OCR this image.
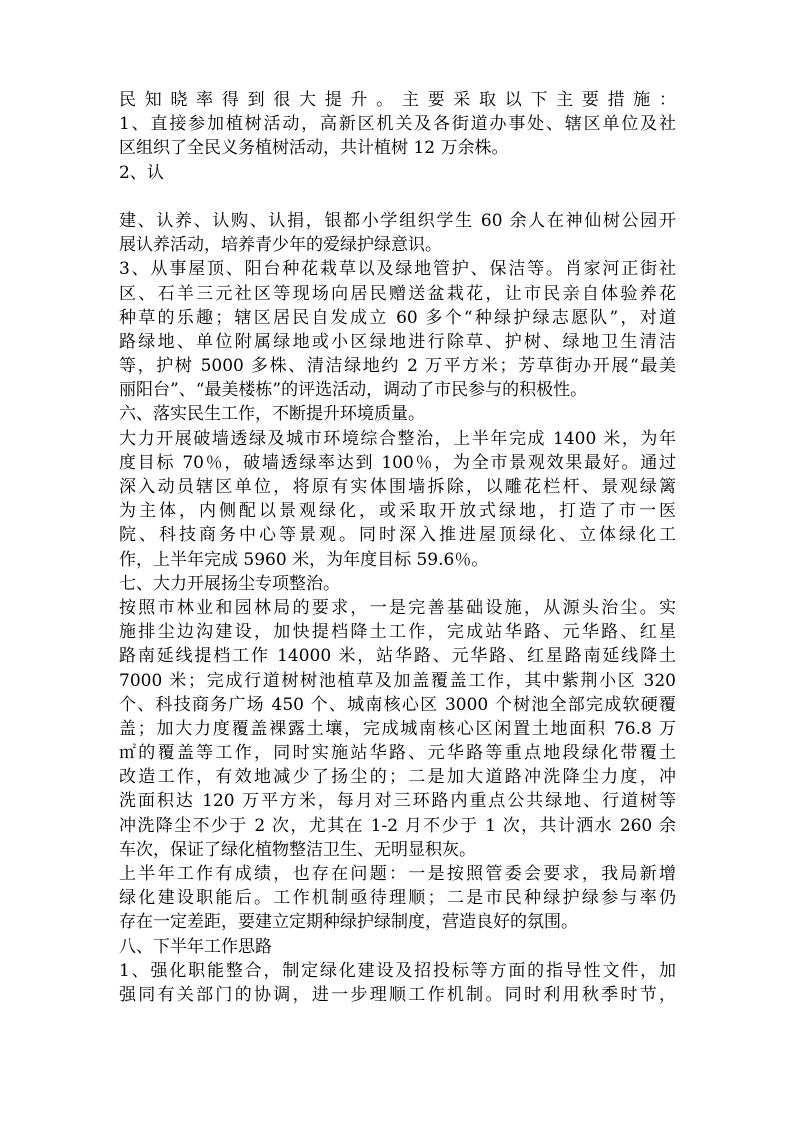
民知晓率得到很大提升。主要采取以下主要措施：
1、直接参加植树活动，高新区机关及各街道办事处、辖区单位及社
区组织了全民义务植树活动，共计植树 12 万余株。
2、认
建、认养、认购、认捐，银都小学组织学生 60 余人在神仙树公园开
展认养活动，培养青少年的爱绿护绿意识。
3、从事屋顶、阳台种花栽草以及绿地管护、保洁等。肖家河正街社
区、石羊三元社区等现场向居民赠送盆栽花，让市民亲自体验养花
种草的乐趣；辖区居民自发成立 60 多个“种绿护绿志愿队”，对道
路绿地、单位附属绿地或小区绿地进行除草、护树、绿地卫生清洁
等，护树 5000 多株、清洁绿地约 2 万平方米；芳草街办开展“最美
丽阳台”、“最美楼栋”的评选活动，调动了市民参与的积极性。
六、落实民生工作，不断提升环境质量。
大力开展破墙透绿及城市环境综合整治，上半年完成 1400 米，为年
度目标 70％，破墙透绿率达到 100％，为全市景观效果最好。通过
深入动员辖区单位，将原有实体围墙拆除，以雕花栏杆、景观绿篱
为主体，内侧配以景观绿化，或采取开放式绿地，打造了市一医
院、科技商务中心等景观。同时深入推进屋顶绿化、立体绿化工
作，上半年完成 5960 米，为年度目标 59.6％。
七、大力开展扬尘专项整治。
按照市林业和园林局的要求，一是完善基础设施，从源头治尘。实
施排尘边沟建设，加快提档降土工作，完成站华路、元华路、红星
路南延线提档工作 14000 米，站华路、元华路、红星路南延线降土
7000 米；完成行道树树池植草及加盖覆盖工作，其中紫荆小区 320
个、科技商务广场 450 个、城南核心区 3000 个树池全部完成软硬覆
盖；加大力度覆盖裸露土壤，完成城南核心区闲置土地面积 76.8 万
㎡的覆盖等工作，同时实施站华路、元华路等重点地段绿化带覆土
改造工作，有效地减少了扬尘的；二是加大道路冲洗降尘力度，冲
洗面积达 120 万平方米，每月对三环路内重点公共绿地、行道树等
冲洗降尘不少于 2 次，尤其在 1-2 月不少于 1 次，共计洒水 260 余
车次，保证了绿化植物整洁卫生、无明显积灰。
上半年工作有成绩，也存在问题：一是按照管委会要求，我局新增
绿化建设职能后。工作机制亟待理顺；二是市民种绿护绿参与率仍
存在一定差距，要建立定期种绿护绿制度，营造良好的氛围。
八、下半年工作思路
1、强化职能整合，制定绿化建设及招投标等方面的指导性文件，加
强同有关部门的协调，进一步理顺工作机制。同时利用秋季时节，
